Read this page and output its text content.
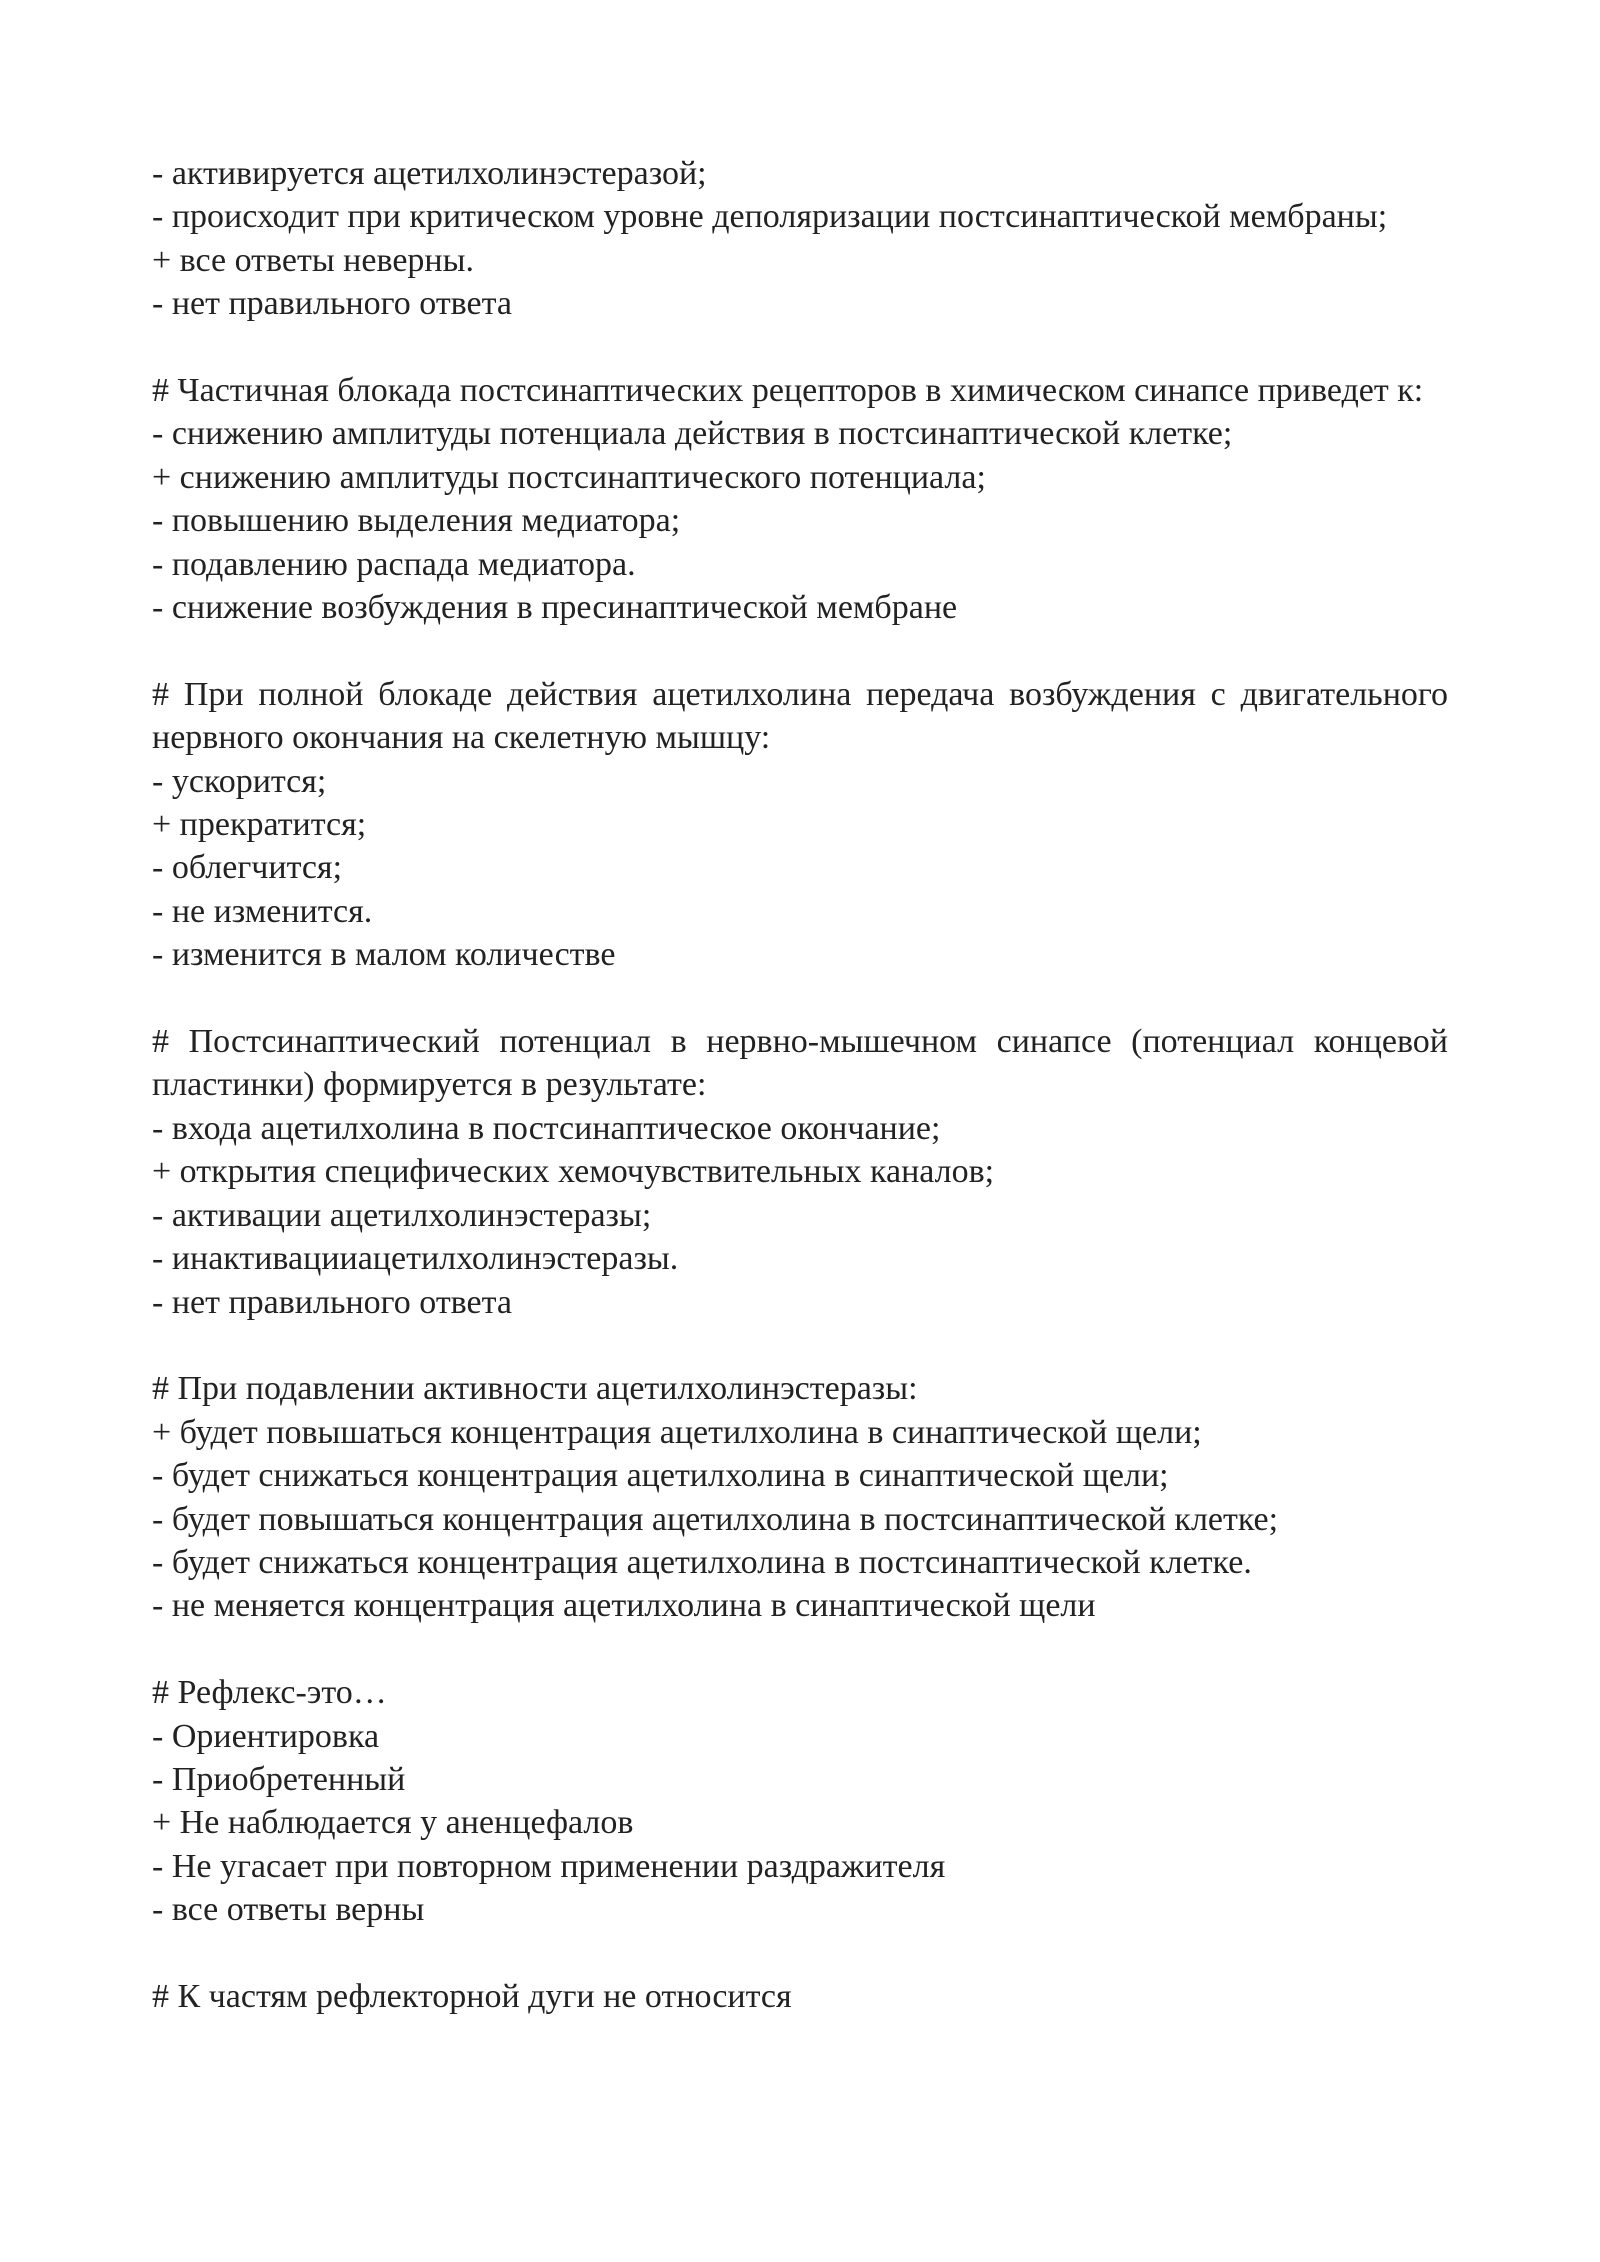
- активируется ацетилхолинэстеразой;

- происходит при критическом уровне деполяризации постсинаптической мембраны;

+ все ответы неверны.

- нет правильного ответа

# Частичная блокада постсинаптических рецепторов в химическом синапсе приведет к:

- снижению амплитуды потенциала действия в постсинаптической клетке;

+ снижению амплитуды постсинаптического потенциала;

- повышению выделения медиатора;

- подавлению распада медиатора.

- снижение возбуждения в пресинаптической мембране

# При полной блокаде действия ацетилхолина передача возбуждения с двигательного нервного окончания на скелетную мышцу:

- ускорится;

+ прекратится;

- облегчится;

- не изменится.

- изменится в малом количестве

# Постсинаптический потенциал в нервно-мышечном синапсе (потенциал концевой пластинки) формируется в результате:

- входа ацетилхолина в постсинаптическое окончание;

+ открытия специфических хемочувствительных каналов;

- активации ацетилхолинэстеразы;

- инактивацииацетилхолинэстеразы.

- нет правильного ответа

# При подавлении активности ацетилхолинэстеразы:

+ будет повышаться концентрация ацетилхолина в синаптической щели;

- будет снижаться концентрация ацетилхолина в синаптической щели;

- будет повышаться концентрация ацетилхолина в постсинаптической клетке;

- будет снижаться концентрация ацетилхолина в постсинаптической клетке.

- не меняется концентрация ацетилхолина в синаптической щели

# Рефлекс-это…

- Ориентировка

- Приобретенный

+ Не наблюдается у аненцефалов

- Не угасает при повторном применении раздражителя

- все ответы верны

# К частям рефлекторной дуги не относится
